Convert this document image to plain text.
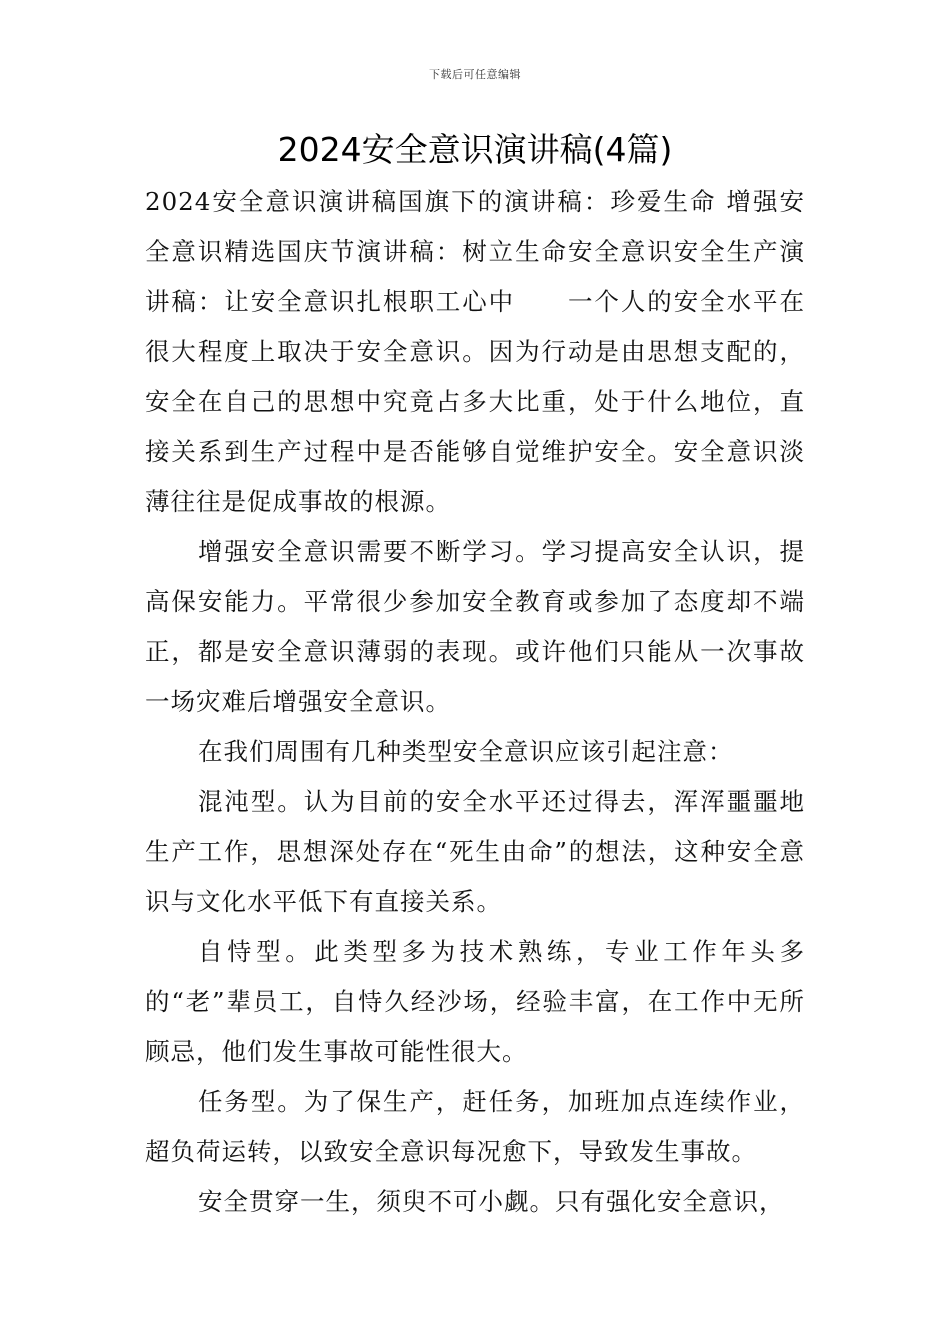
下载后可任意编辑
2024安全意识演讲稿(4篇)

2024安全意识演讲稿国旗下的演讲稿：珍爱生命 增强安全意识精选国庆节演讲稿：树立生命安全意识安全生产演讲稿：让安全意识扎根职工心中　　一个人的安全水平在很大程度上取决于安全意识。因为行动是由思想支配的，安全在自己的思想中究竟占多大比重，处于什么地位，直接关系到生产过程中是否能够自觉维护安全。安全意识淡薄往往是促成事故的根源。

增强安全意识需要不断学习。学习提高安全认识，提高保安能力。平常很少参加安全教育或参加了态度却不端正，都是安全意识薄弱的表现。或许他们只能从一次事故一场灾难后增强安全意识。

在我们周围有几种类型安全意识应该引起注意：

混沌型。认为目前的安全水平还过得去，浑浑噩噩地生产工作，思想深处存在“死生由命”的想法，这种安全意识与文化水平低下有直接关系。

自恃型。此类型多为技术熟练，专业工作年头多的“老”辈员工，自恃久经沙场，经验丰富，在工作中无所顾忌，他们发生事故可能性很大。

任务型。为了保生产，赶任务，加班加点连续作业，超负荷运转，以致安全意识每况愈下，导致发生事故。

安全贯穿一生，须臾不可小觑。只有强化安全意识，
